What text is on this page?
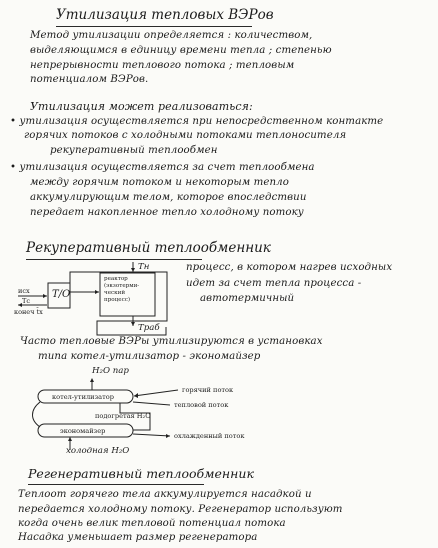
Утилизация тепловых ВЭРов
Метод утилизации определяется : количеством,
выделяющимся в единицу времени тепла ; степенью
непрерывности теплового потока ; тепловым
потенциалом ВЭРов.
Утилизация может реализоваться:
• утилизация осуществляется при непосредственном контакте
горячих потоков с холодными потоками теплоносителя
рекуперативный теплообмен
• утилизация осуществляется за счет теплообмена
между горячим потоком и некоторым тепло
аккумулирующим телом, которое впоследствии
передает накопленное тепло холодному потоку
Рекуперативный теплообменник
Т/О
исх
Тс
конеч t̄х
реактор
(экзотерми-
ческий
процесс)
Тн
Траб
процесс, в котором нагрев исходных
идет за счет тепла процесса -
автотермичный
Часто тепловые ВЭРы утилизируются в установках
типа котел-утилизатор - экономайзер
H₂O пар
котел-утилизатор
экономайзер
горячий поток
тепловой поток
подогретая H₂O
охлажденный поток
холодная H₂O
Регенеративный теплообменник
Теплоот горячего тела аккумулируется насадкой и
передается холодному потоку. Регенератор используют
когда очень велик тепловой потенциал потока
Насадка уменьшает размер регенератора
